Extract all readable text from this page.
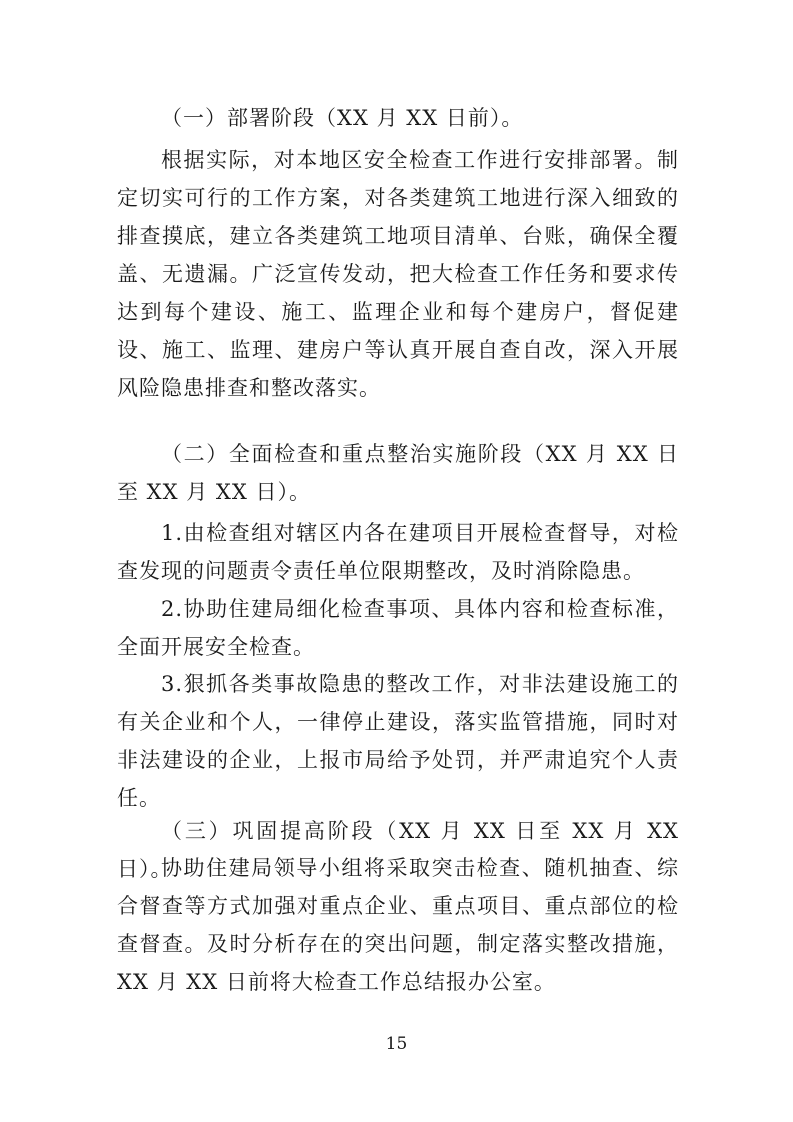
（一）部署阶段（XX 月 XX 日前）。

根据实际，对本地区安全检查工作进行安排部署。制定切实可行的工作方案，对各类建筑工地进行深入细致的排查摸底，建立各类建筑工地项目清单、台账，确保全覆盖、无遗漏。广泛宣传发动，把大检查工作任务和要求传达到每个建设、施工、监理企业和每个建房户，督促建设、施工、监理、建房户等认真开展自查自改，深入开展风险隐患排查和整改落实。

（二）全面检查和重点整治实施阶段（XX 月 XX 日至 XX 月 XX 日）。

1.由检查组对辖区内各在建项目开展检查督导，对检查发现的问题责令责任单位限期整改，及时消除隐患。

2.协助住建局细化检查事项、具体内容和检查标准，全面开展安全检查。

3.狠抓各类事故隐患的整改工作，对非法建设施工的有关企业和个人，一律停止建设，落实监管措施，同时对非法建设的企业，上报市局给予处罚，并严肃追究个人责任。

（三）巩固提高阶段（XX 月 XX 日至 XX 月 XX 日）。

协助住建局领导小组将采取突击检查、随机抽查、综合督查等方式加强对重点企业、重点项目、重点部位的检查督查。及时分析存在的突出问题，制定落实整改措施，XX 月 XX 日前将大检查工作总结报办公室。

15
